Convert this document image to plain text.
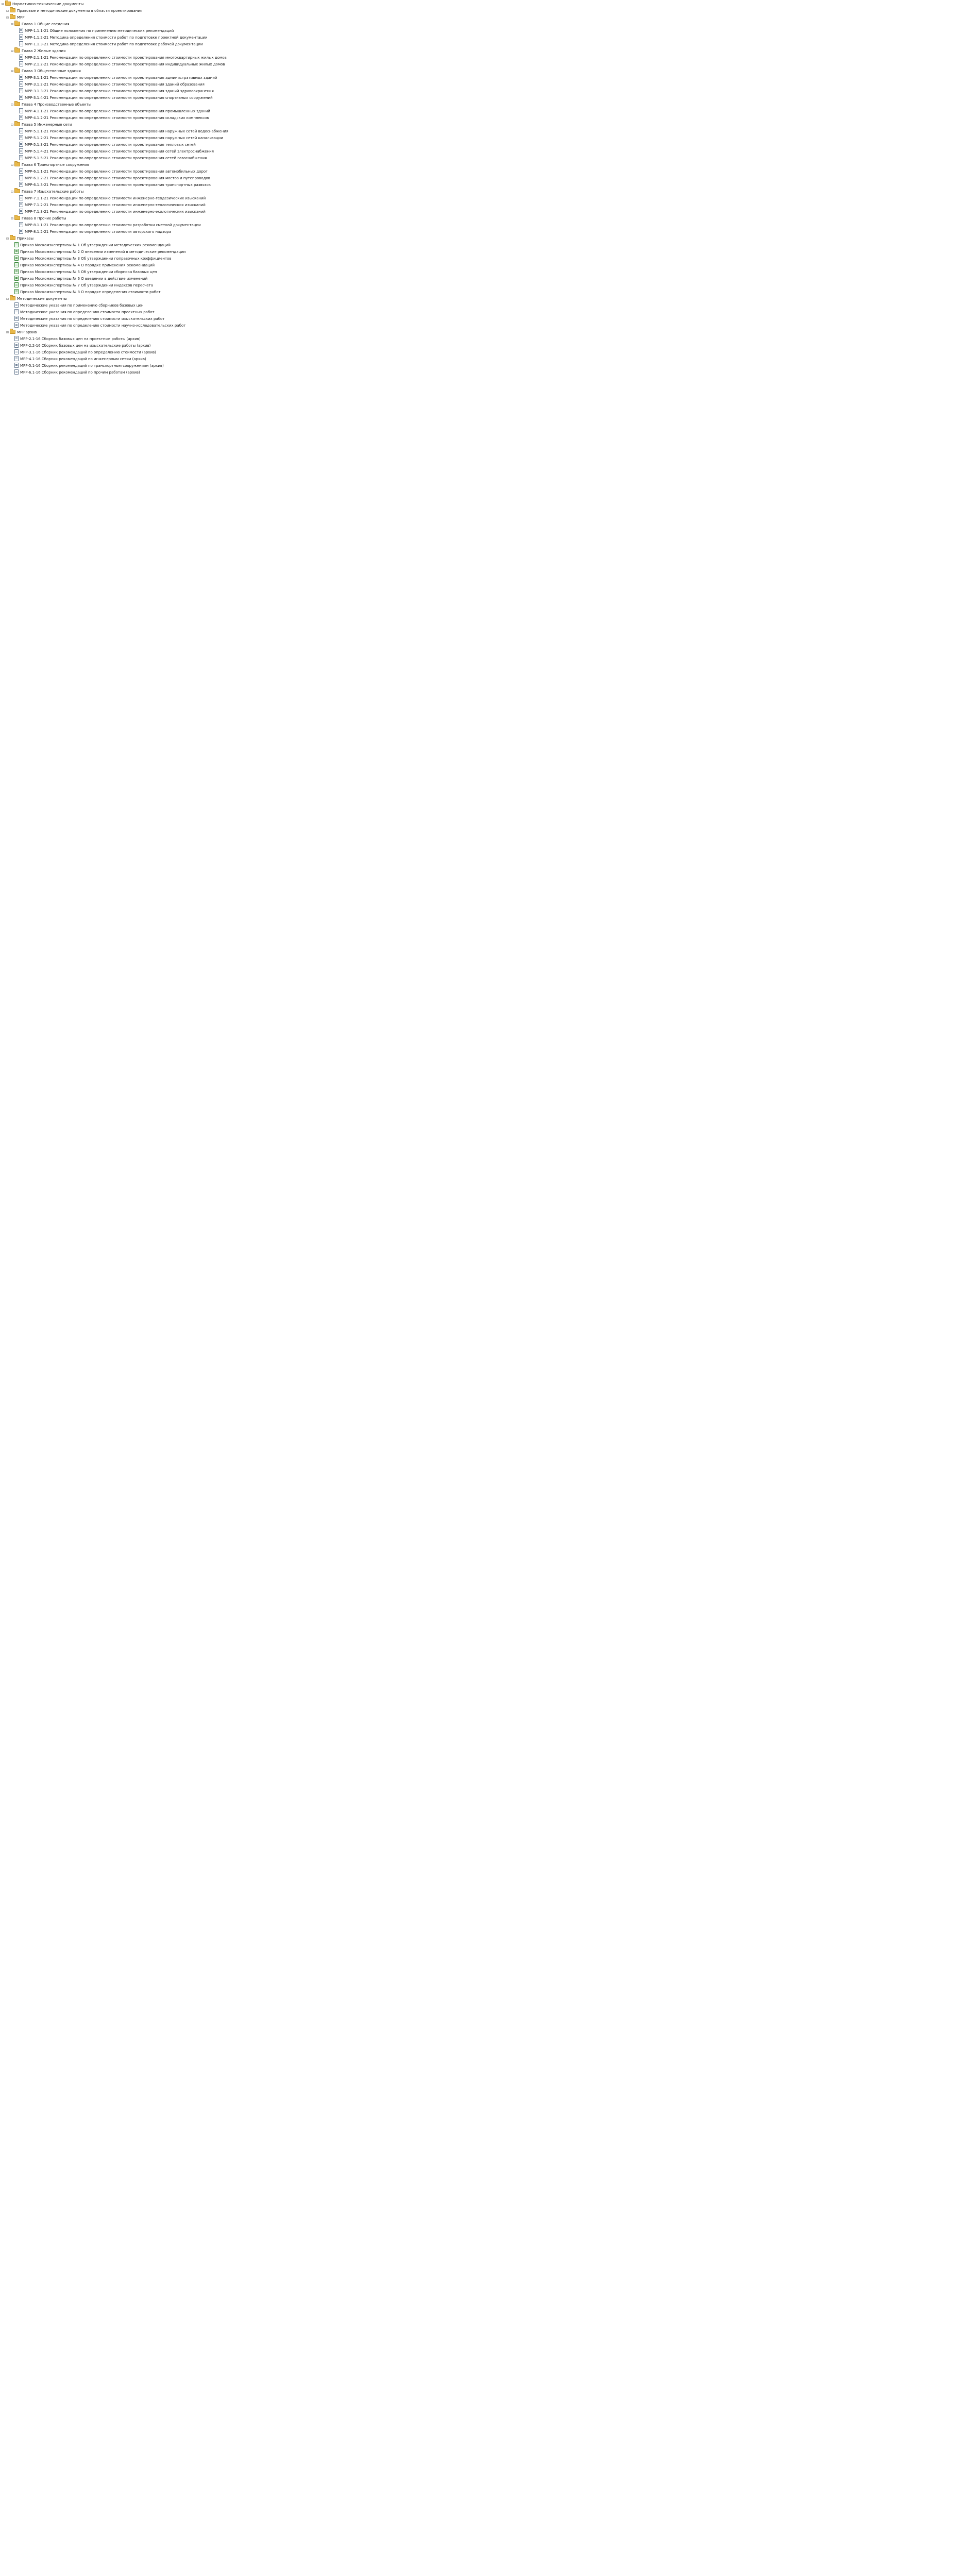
⊟ Нормативно-технические документы
⊟ Правовые и методические документы в области проектирования
⊟ МРР
⊟ Глава 1 Общие сведения
МРР-1.1.1-21 Общие положения по применению методических рекомендаций
МРР-1.1.2-21 Методика определения стоимости работ по подготовке проектной документации
МРР-1.1.3-21 Методика определения стоимости работ по подготовке рабочей документации
⊟ Глава 2 Жилые здания
МРР-2.1.1-21 Рекомендации по определению стоимости проектирования многоквартирных жилых домов
МРР-2.1.2-21 Рекомендации по определению стоимости проектирования индивидуальных жилых домов
⊟ Глава 3 Общественные здания
МРР-3.1.1-21 Рекомендации по определению стоимости проектирования административных зданий
МРР-3.1.2-21 Рекомендации по определению стоимости проектирования зданий образования
МРР-3.1.3-21 Рекомендации по определению стоимости проектирования зданий здравоохранения
МРР-3.1.4-21 Рекомендации по определению стоимости проектирования спортивных сооружений
⊟ Глава 4 Производственные объекты
МРР-4.1.1-21 Рекомендации по определению стоимости проектирования промышленных зданий
МРР-4.1.2-21 Рекомендации по определению стоимости проектирования складских комплексов
⊟ Глава 5 Инженерные сети
МРР-5.1.1-21 Рекомендации по определению стоимости проектирования наружных сетей водоснабжения
МРР-5.1.2-21 Рекомендации по определению стоимости проектирования наружных сетей канализации
МРР-5.1.3-21 Рекомендации по определению стоимости проектирования тепловых сетей
МРР-5.1.4-21 Рекомендации по определению стоимости проектирования сетей электроснабжения
МРР-5.1.5-21 Рекомендации по определению стоимости проектирования сетей газоснабжения
⊟ Глава 6 Транспортные сооружения
МРР-6.1.1-21 Рекомендации по определению стоимости проектирования автомобильных дорог
МРР-6.1.2-21 Рекомендации по определению стоимости проектирования мостов и путепроводов
МРР-6.1.3-21 Рекомендации по определению стоимости проектирования транспортных развязок
⊟ Глава 7 Изыскательские работы
МРР-7.1.1-21 Рекомендации по определению стоимости инженерно-геодезических изысканий
МРР-7.1.2-21 Рекомендации по определению стоимости инженерно-геологических изысканий
МРР-7.1.3-21 Рекомендации по определению стоимости инженерно-экологических изысканий
⊟ Глава 8 Прочие работы
МРР-8.1.1-21 Рекомендации по определению стоимости разработки сметной документации
МРР-8.1.2-21 Рекомендации по определению стоимости авторского надзора
⊟ Приказы
Приказ Москомэкспертизы № 1 Об утверждении методических рекомендаций
Приказ Москомэкспертизы № 2 О внесении изменений в методические рекомендации
Приказ Москомэкспертизы № 3 Об утверждении поправочных коэффициентов
Приказ Москомэкспертизы № 4 О порядке применения рекомендаций
Приказ Москомэкспертизы № 5 Об утверждении сборника базовых цен
Приказ Москомэкспертизы № 6 О введении в действие изменений
Приказ Москомэкспертизы № 7 Об утверждении индексов пересчета
Приказ Москомэкспертизы № 8 О порядке определения стоимости работ
⊟ Методические документы
Методические указания по применению сборников базовых цен
Методические указания по определению стоимости проектных работ
Методические указания по определению стоимости изыскательских работ
Методические указания по определению стоимости научно-исследовательских работ
⊟ МРР архив
МРР-2.1-16 Сборник базовых цен на проектные работы (архив)
МРР-2.2-16 Сборник базовых цен на изыскательские работы (архив)
МРР-3.1-16 Сборник рекомендаций по определению стоимости (архив)
МРР-4.1-16 Сборник рекомендаций по инженерным сетям (архив)
МРР-5.1-16 Сборник рекомендаций по транспортным сооружениям (архив)
МРР-6.1-16 Сборник рекомендаций по прочим работам (архив)
